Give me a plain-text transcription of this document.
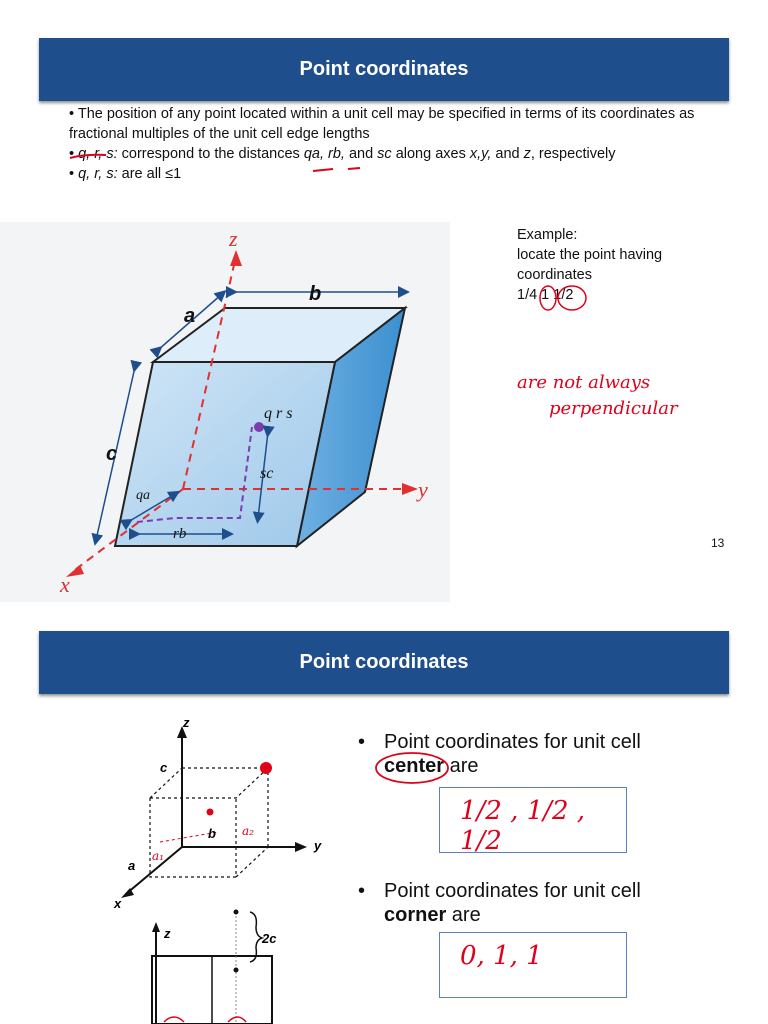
Point coordinates

• The position of any point located within a unit cell may be specified in terms of its coordinates as fractional multiples of the unit cell edge lengths

• q, r, s: correspond to the distances qa, rb, and sc along axes x,y, and z, respectively

• q, r, s: are all ≤1

z
y
x
a
b
c
q r s
sc
qa
rb

Example:

locate the point having

coordinates

1/4 1 1/2

are not always
perpendicular
13
Point coordinates
a₁
a₂
z
y
x
c
b
a
z	2c
• Point coordinates for unit cell
center are
1/2 , 1/2 , 1/2
• Point coordinates for unit cell
corner are
0, 1, 1
